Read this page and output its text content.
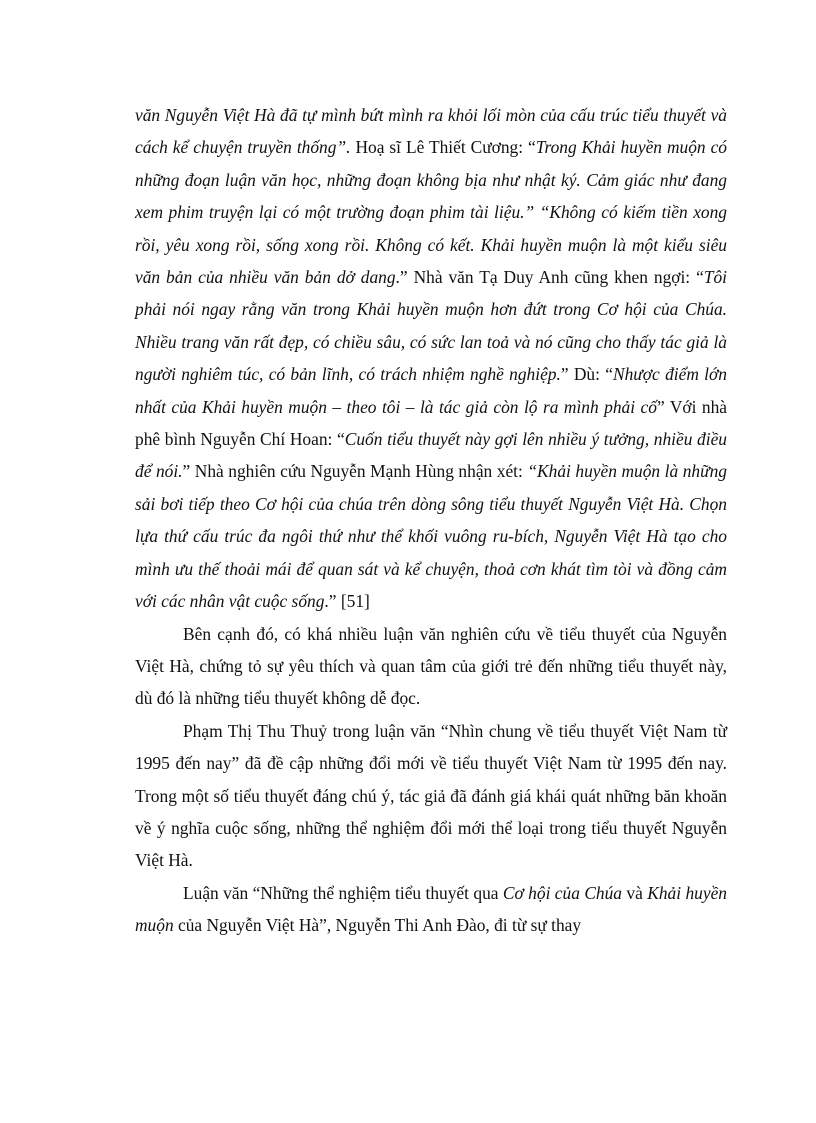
văn Nguyễn Việt Hà đã tự mình bứt mình ra khỏi lối mòn của cấu trúc tiểu thuyết và cách kể chuyện truyền thống”. Hoạ sĩ Lê Thiết Cương: “Trong Khải huyền muộn có những đoạn luận văn học, những đoạn không bịa như nhật ký. Cảm giác như đang xem phim truyện lại có một trường đoạn phim tài liệu.” “Không có kiếm tiền xong rồi, yêu xong rồi, sống xong rồi. Không có kết. Khải huyền muộn là một kiểu siêu văn bản của nhiều văn bản dở dang.” Nhà văn Tạ Duy Anh cũng khen ngợi: “Tôi phải nói ngay rằng văn trong Khải huyền muộn hơn đứt trong Cơ hội của Chúa. Nhiều trang văn rất đẹp, có chiều sâu, có sức lan toả và nó cũng cho thấy tác giả là người nghiêm túc, có bản lĩnh, có trách nhiệm nghề nghiệp.” Dù: “Nhược điểm lớn nhất của Khải huyền muộn – theo tôi – là tác giả còn lộ ra mình phải cố” Với nhà phê bình Nguyễn Chí Hoan: “Cuốn tiểu thuyết này gợi lên nhiều ý tưởng, nhiều điều để nói.” Nhà nghiên cứu Nguyễn Mạnh Hùng nhận xét: “Khải huyền muộn là những sải bơi tiếp theo Cơ hội của chúa trên dòng sông tiểu thuyết Nguyễn Việt Hà. Chọn lựa thứ cấu trúc đa ngôi thứ như thể khối vuông ru-bích, Nguyễn Việt Hà tạo cho mình ưu thế thoải mái để quan sát và kể chuyện, thoả cơn khát tìm tòi và đồng cảm với các nhân vật cuộc sống.” [51]

Bên cạnh đó, có khá nhiều luận văn nghiên cứu về tiểu thuyết của Nguyễn Việt Hà, chứng tỏ sự yêu thích và quan tâm của giới trẻ đến những tiểu thuyết này, dù đó là những tiểu thuyết không dễ đọc.

Phạm Thị Thu Thuỷ trong luận văn “Nhìn chung về tiểu thuyết Việt Nam từ 1995 đến nay” đã đề cập những đổi mới về tiểu thuyết Việt Nam từ 1995 đến nay. Trong một số tiểu thuyết đáng chú ý, tác giả đã đánh giá khái quát những băn khoăn về ý nghĩa cuộc sống, những thể nghiệm đổi mới thể loại trong tiểu thuyết Nguyễn Việt Hà.

Luận văn “Những thể nghiệm tiểu thuyết qua Cơ hội của Chúa và Khải huyền muộn của Nguyễn Việt Hà”, Nguyễn Thi Anh Đào, đi từ sự thay
